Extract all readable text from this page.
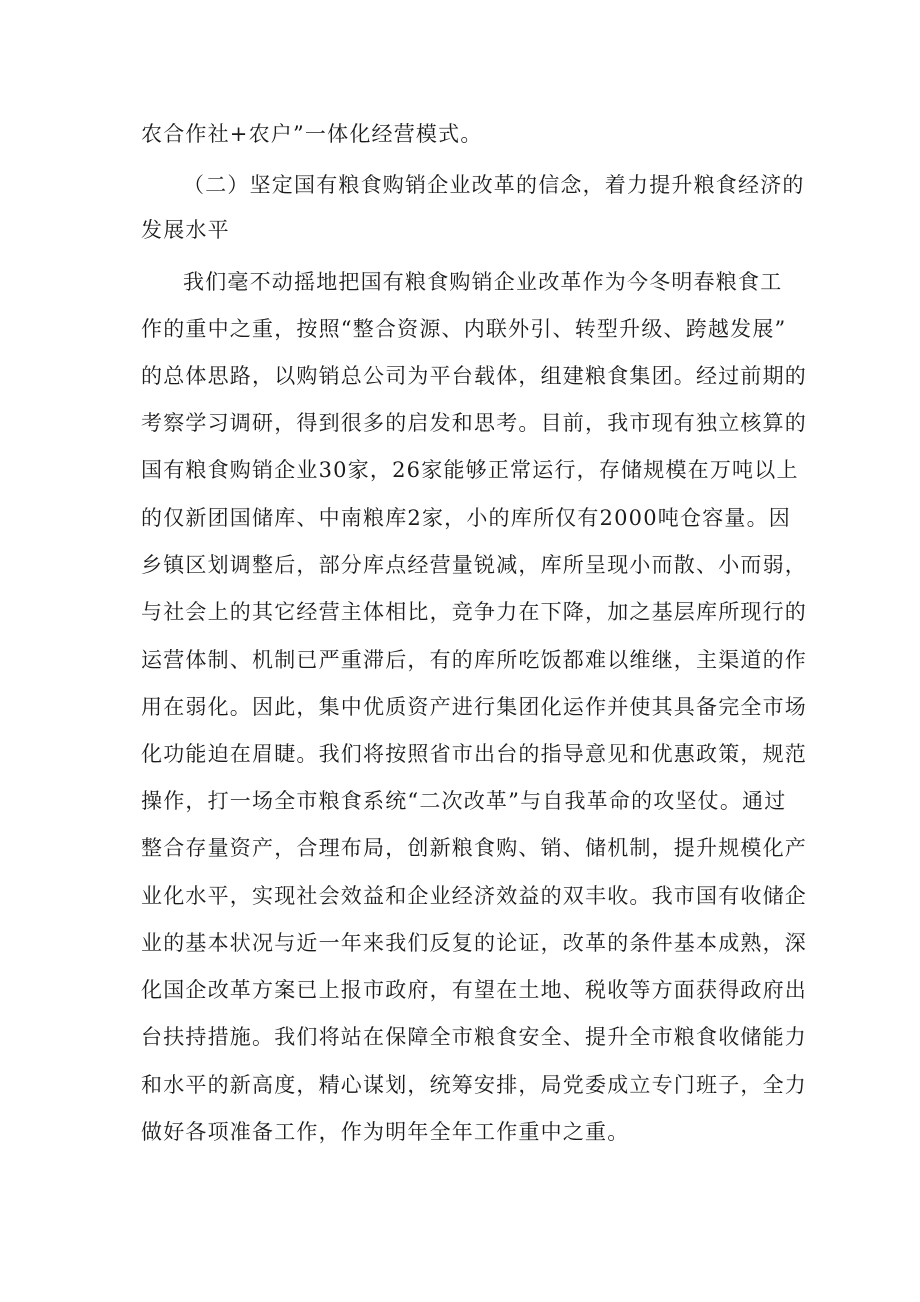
农合作社+农户”一体化经营模式。
（二）坚定国有粮食购销企业改革的信念，着力提升粮食经济的
发展水平
我们毫不动摇地把国有粮食购销企业改革作为今冬明春粮食工
作的重中之重，按照“整合资源、内联外引、转型升级、跨越发展”
的总体思路，以购销总公司为平台载体，组建粮食集团。经过前期的
考察学习调研，得到很多的启发和思考。目前，我市现有独立核算的
国有粮食购销企业30家，26家能够正常运行，存储规模在万吨以上
的仅新团国储库、中南粮库2家，小的库所仅有2000吨仓容量。因
乡镇区划调整后，部分库点经营量锐减，库所呈现小而散、小而弱，
与社会上的其它经营主体相比，竞争力在下降，加之基层库所现行的
运营体制、机制已严重滞后，有的库所吃饭都难以维继，主渠道的作
用在弱化。因此，集中优质资产进行集团化运作并使其具备完全市场
化功能迫在眉睫。我们将按照省市出台的指导意见和优惠政策，规范
操作，打一场全市粮食系统“二次改革”与自我革命的攻坚仗。通过
整合存量资产，合理布局，创新粮食购、销、储机制，提升规模化产
业化水平，实现社会效益和企业经济效益的双丰收。我市国有收储企
业的基本状况与近一年来我们反复的论证，改革的条件基本成熟，深
化国企改革方案已上报市政府，有望在土地、税收等方面获得政府出
台扶持措施。我们将站在保障全市粮食安全、提升全市粮食收储能力
和水平的新高度，精心谋划，统筹安排，局党委成立专门班子，全力
做好各项准备工作，作为明年全年工作重中之重。
